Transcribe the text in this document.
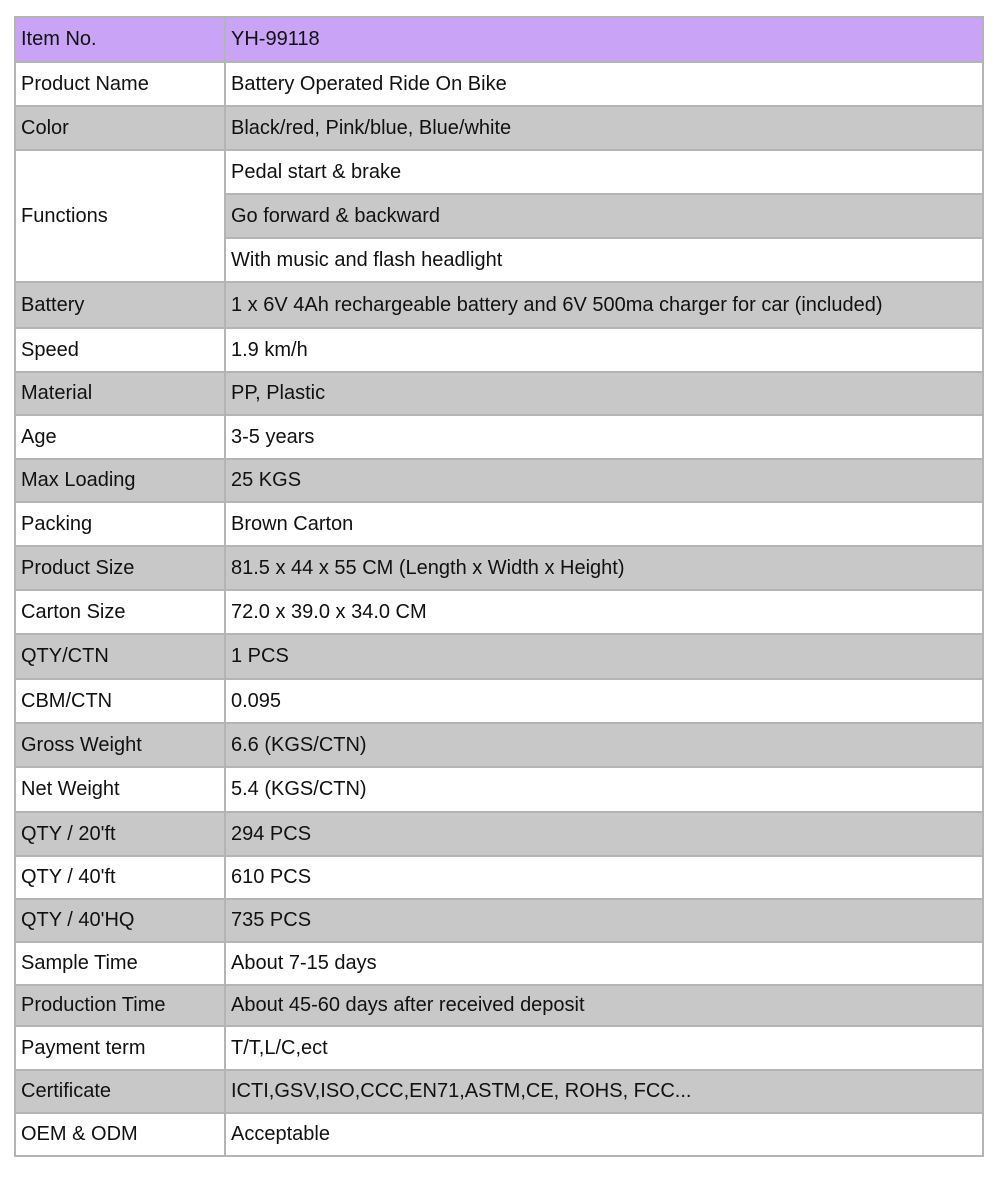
Item No.	YH-99118
Product Name	Battery Operated Ride On Bike
Color	Black/red, Pink/blue, Blue/white
Functions	Pedal start & brake
	Go forward & backward
	With music and flash headlight
Battery	1 x 6V 4Ah rechargeable battery and 6V 500ma charger for car (included)
Speed	1.9 km/h
Material	PP, Plastic
Age	3-5 years
Max Loading	25 KGS
Packing	Brown Carton
Product Size	81.5 x 44 x 55 CM (Length x Width x Height)
Carton Size	72.0 x 39.0 x 34.0 CM
QTY/CTN	1 PCS
CBM/CTN	0.095
Gross Weight	6.6 (KGS/CTN)
Net Weight	5.4 (KGS/CTN)
QTY / 20'ft	294 PCS
QTY / 40'ft	610 PCS
QTY / 40'HQ	735 PCS
Sample Time	About 7-15 days
Production Time	About 45-60 days after received deposit
Payment term	T/T,L/C,ect
Certificate	ICTI,GSV,ISO,CCC,EN71,ASTM,CE, ROHS, FCC...
OEM & ODM	Acceptable
